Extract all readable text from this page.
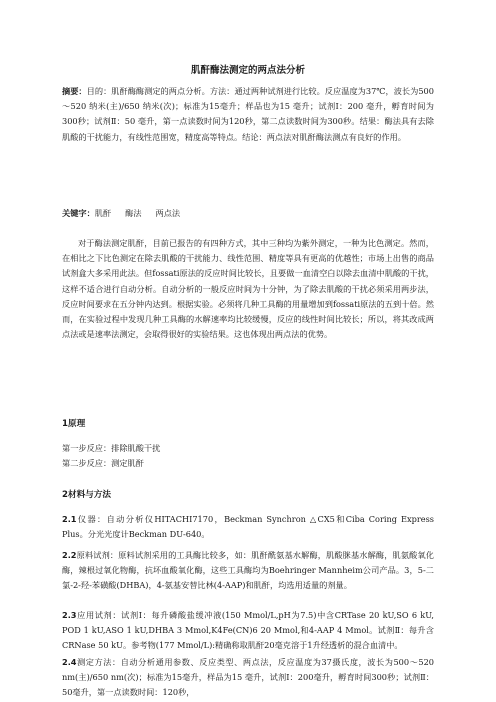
肌酐酶法测定的两点法分析
摘要：目的：肌酐酶酶测定的两点分析。方法：通过两种试剂进行比较。反应温度为37℃，波长为500～520 纳米(主)/650 纳米(次)；标准为15毫升；样品也为15 毫升；试剂Ⅰ：200 毫升，孵育时间为300秒；试剂Ⅱ：50 毫升，第一点读数时间为120秒，第二点读数时间为300秒。结果：酶法具有去除肌酸的干扰能力，有线性范围宽，精度高等特点。结论：两点法对肌酐酶法测点有良好的作用。
关键字：肌酐 酶法 两点法
对于酶法测定肌酐，目前已报告的有四种方式，其中三种均为紫外测定，一种为比色测定。然而，在相比之下比色测定在除去肌酸的干扰能力、线性范围、精度等具有更高的优越性；市场上出售的商品试剂盒大多采用此法。但fossati原法的反应时间比较长，且要做一血清空白以除去血清中肌酸的干扰，这样不适合进行自动分析。自动分析的一般反应时间为十分钟，为了除去肌酸的干扰必须采用两步法，反应时间要求在五分钟内达到。根据实验。必须将几种工具酶的用量增加到fossati原法的五到十倍。然而，在实验过程中发现几种工具酶的水解速率均比较缓慢，反应的线性时间比较长；所以，将其改成两点法或是速率法测定，会取得很好的实验结果。这也体现出两点法的优势。
1原理
第一步反应：排除肌酸干扰
第二步反应：测定肌酐
2材料与方法
2.1仪器：自动分析仪HITACHI7170，Beckman Synchron △CX5和Ciba Coring Express Plus。分光光度计Beckman DU-640。
2.2原料试剂：原料试剂采用的工具酶比较多，如：肌酐酰氨基水解酶，肌酸脒基水解酶，肌氨酸氧化酶，辣根过氧化物酶，抗坏血酸氧化酶，这些工具酶均为Boehringer Mannheim公司产品。3，5-二氯-2-羟-苯磺酸(DHBA)，4-氨基安替比林(4-AAP)和肌酐，均选用适量的剂量。
2.3应用试剂：试剂Ⅰ：每升磷酸盐缓冲液(150 Mmol/L,pH为7.5)中含CRTase 20 kU,SO 6 kU, POD 1 kU,ASO 1 kU,DHBA 3 Mmol,K4Fe(CN)6 20 Mmol,和4-AAP 4 Mmol。试剂Ⅱ：每升含CRNase 50 kU。参考物(177 Mmol/L):精确称取肌酐20毫克溶于1升经透析的混合血清中。
2.4测定方法：自动分析通用参数、反应类型、两点法，反应温度为37摄氏度，波长为500～520 nm(主)/650 nm(次)；标准为15毫升，样品为15 毫升，试剂Ⅰ：200毫升，孵育时间300秒；试剂Ⅱ：50毫升，第一点读数时间：120秒，
